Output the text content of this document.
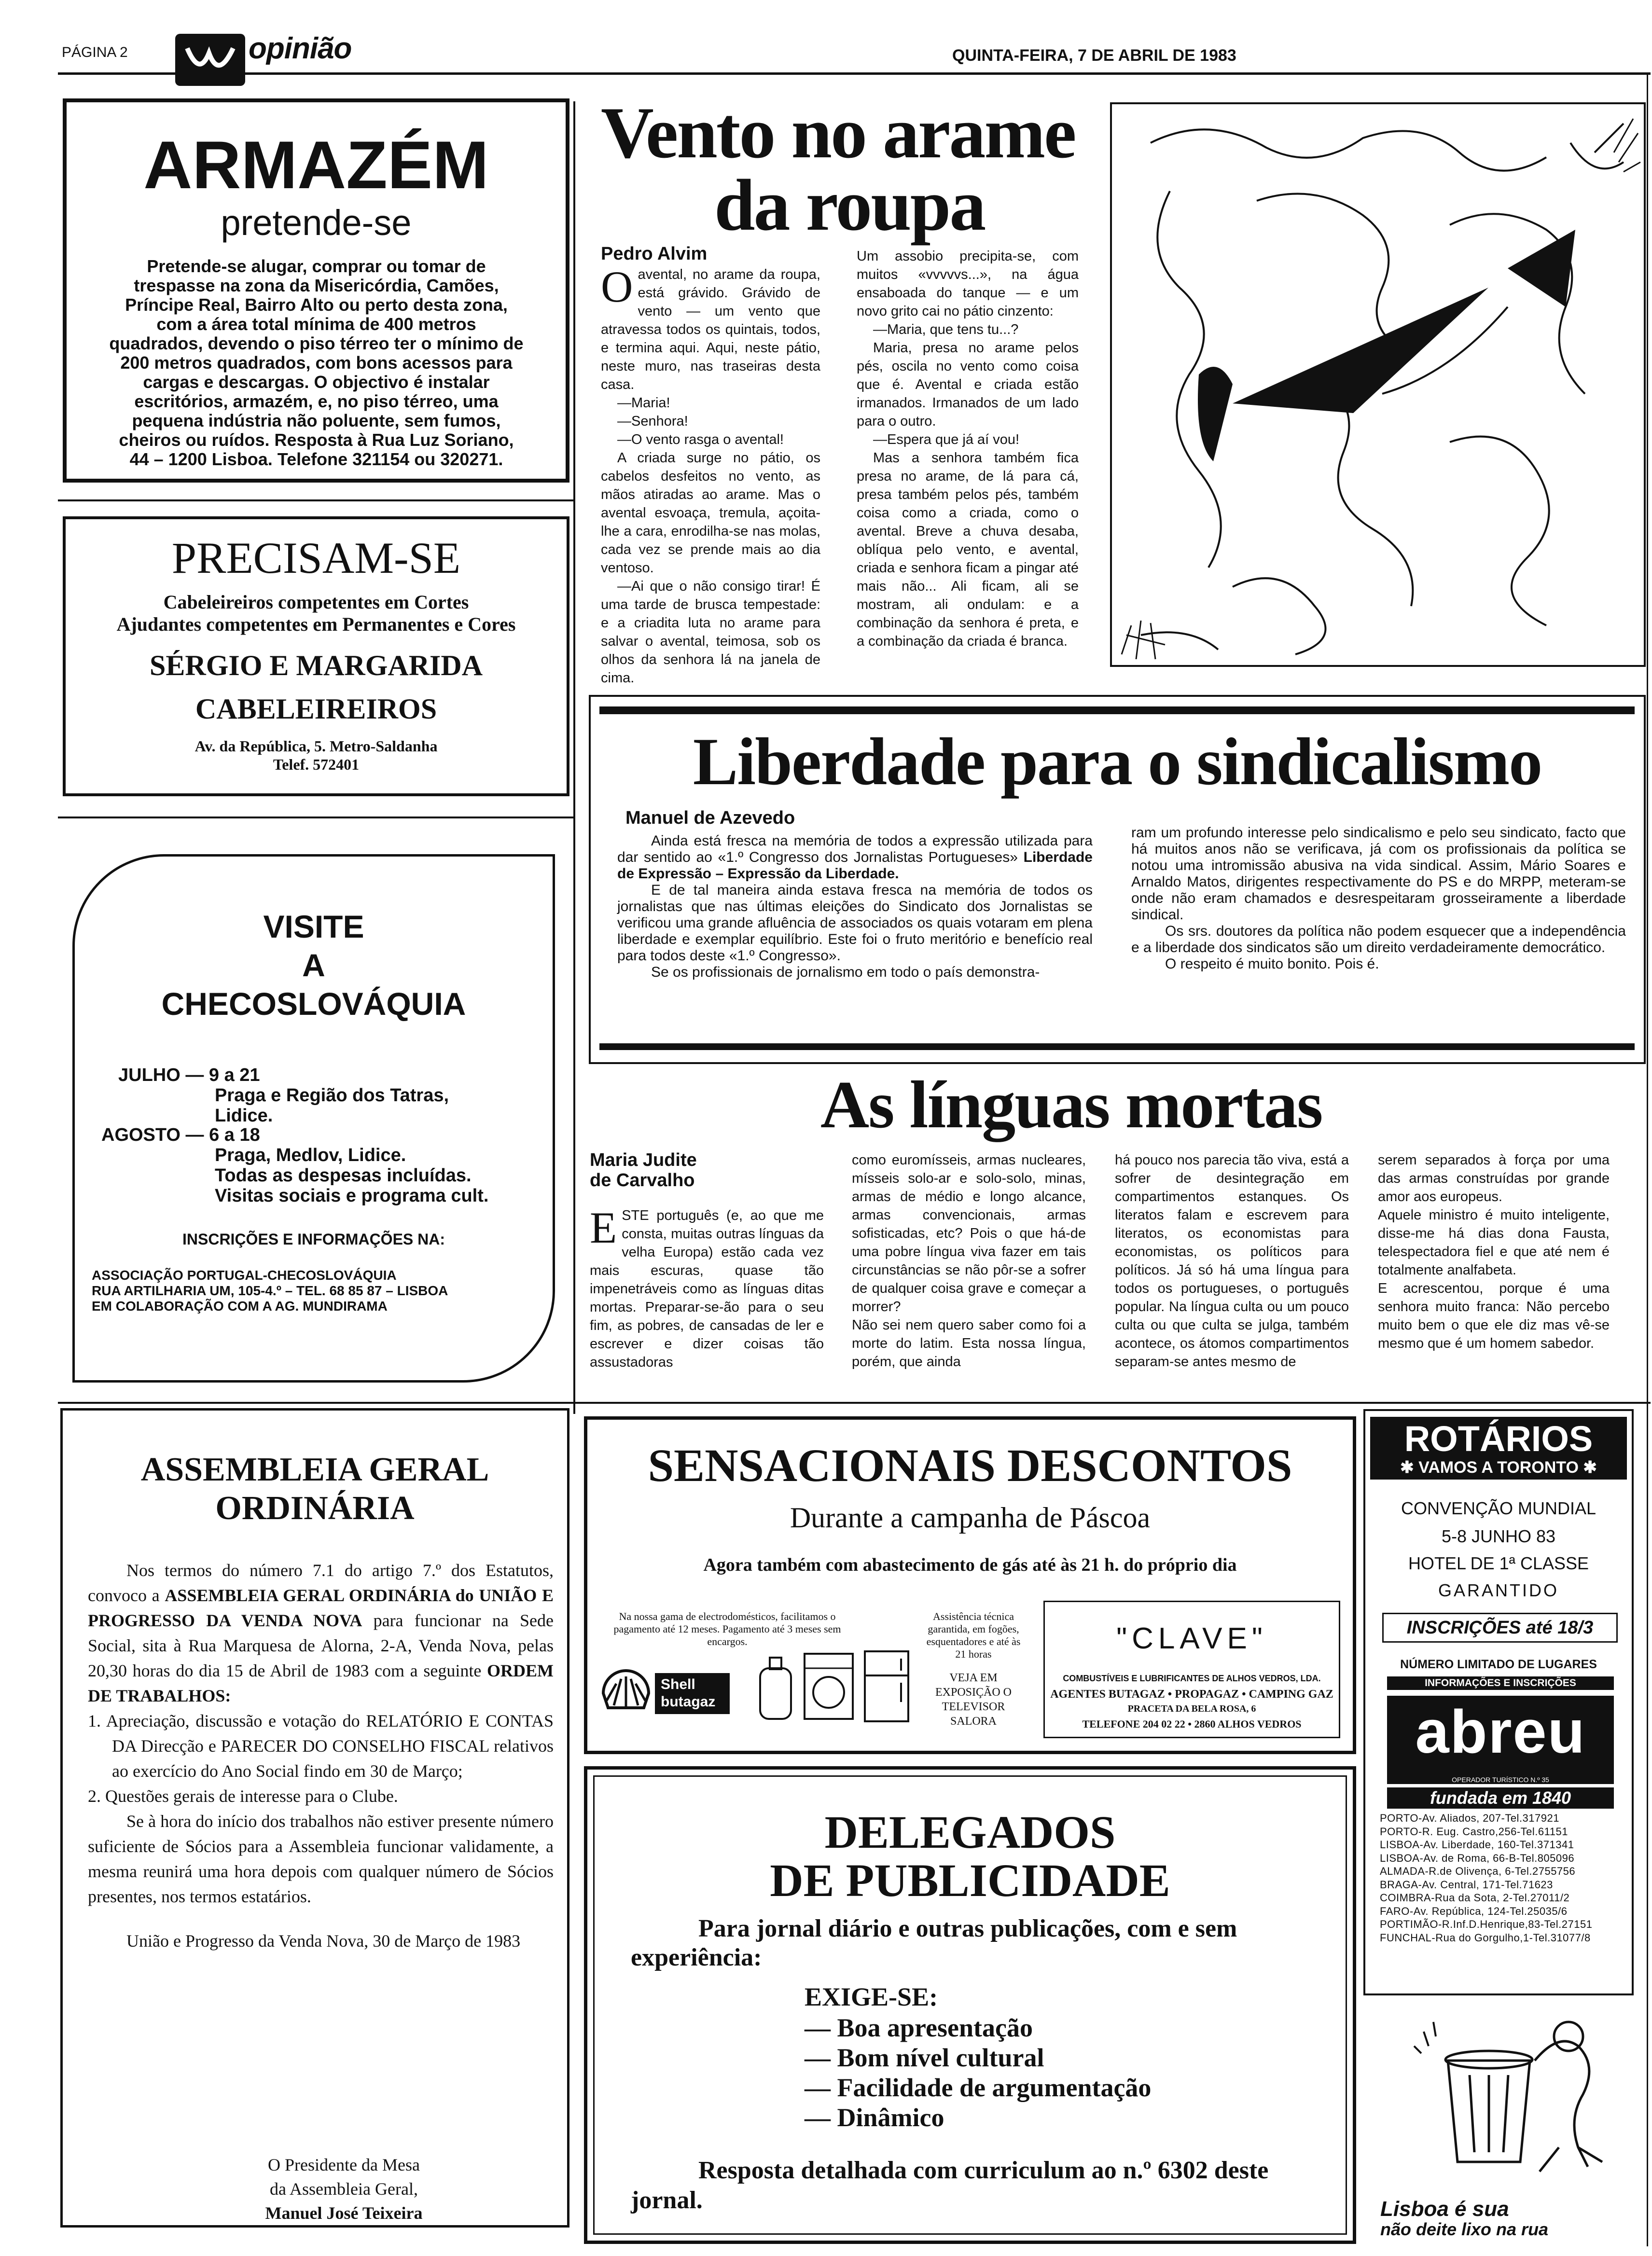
PÁGINA 2	opinião	QUINTA-FEIRA, 7 DE ABRIL DE 1983
ARMAZÉM
pretende-se
Pretende-se alugar, comprar ou tomar de trespasse na zona da Misericórdia, Camões, Príncipe Real, Bairro Alto ou perto desta zona, com a área total mínima de 400 metros quadrados, devendo o piso térreo ter o mínimo de 200 metros quadrados, com bons acessos para cargas e descargas. O objectivo é instalar escritórios, armazém, e, no piso térreo, uma pequena indústria não poluente, sem fumos, cheiros ou ruídos. Resposta à Rua Luz Soriano, 44 – 1200 Lisboa. Telefone 321154 ou 320271.
PRECISAM-SE
Cabeleireiros competentes em Cortes
Ajudantes competentes em Permanentes e Cores
SÉRGIO E MARGARIDA
CABELEIREIROS
Av. da República, 5. Metro-Saldanha
Telef. 572401
VISITE
A
CHECOSLOVÁQUIA
JULHO — 9 a 21
Praga e Região dos Tatras,
Lidice.
AGOSTO — 6 a 18
Praga, Medlov, Lidice.
Todas as despesas incluídas.
Visitas sociais e programa cult.
INSCRIÇÕES E INFORMAÇÕES NA:
ASSOCIAÇÃO PORTUGAL-CHECOSLOVÁQUIA
RUA ARTILHARIA UM, 105-4.º – TEL. 68 85 87 – LISBOA
EM COLABORAÇÃO COM A AG. MUNDIRAMA
ASSEMBLEIA GERAL
ORDINÁRIA

Nos termos do número 7.1 do artigo 7.º dos Estatutos, convoco a ASSEMBLEIA GERAL ORDINÁRIA do UNIÃO E PROGRESSO DA VENDA NOVA para funcionar na Sede Social, sita à Rua Marquesa de Alorna, 2-A, Venda Nova, pelas 20,30 horas do dia 15 de Abril de 1983 com a seguinte ORDEM DE TRABALHOS:

1. Apreciação, discussão e votação do RELATÓRIO E CONTAS DA Direcção e PARECER DO CONSELHO FISCAL relativos ao exercício do Ano Social findo em 30 de Março;

2. Questões gerais de interesse para o Clube.

Se à hora do início dos trabalhos não estiver presente número suficiente de Sócios para a Assembleia funcionar validamente, a mesma reunirá uma hora depois com qualquer número de Sócios presentes, nos termos estatários.

União e Progresso da Venda Nova, 30 de Março de 1983

O Presidente da Mesa
da Assembleia Geral,
Manuel José Teixeira
Vento no arame
da roupa
Pedro Alvim
O avental, no arame da roupa, está grávido. Grávido de vento — um vento que atravessa todos os quintais, todos, e termina aqui. Aqui, neste pátio, neste muro, nas traseiras desta casa.

—Maria!

—Senhora!

—O vento rasga o avental!

A criada surge no pátio, os cabelos desfeitos no vento, as mãos atiradas ao arame. Mas o avental esvoaça, tremula, açoita-lhe a cara, enrodilha-se nas molas, cada vez se prende mais ao dia ventoso.

—Ai que o não consigo tirar! É uma tarde de brusca tempestade: e a criadita luta no arame para salvar o avental, teimosa, sob os olhos da senhora lá na janela de cima.

Um assobio precipita-se, com muitos «vvvvvs...», na água ensaboada do tanque — e um novo grito cai no pátio cinzento:

—Maria, que tens tu...?

Maria, presa no arame pelos pés, oscila no vento como coisa que é. Avental e criada estão irmanados. Irmanados de um lado para o outro.

—Espera que já aí vou!

Mas a senhora também fica presa no arame, de lá para cá, presa também pelos pés, também coisa como a criada, como o avental. Breve a chuva desaba, oblíqua pelo vento, e avental, criada e senhora ficam a pingar até mais não... Ali ficam, ali se mostram, ali ondulam: e a combinação da senhora é preta, e a combinação da criada é branca.

Liberdade para o sindicalismo
Manuel de Azevedo

Ainda está fresca na memória de todos a expressão utilizada para dar sentido ao «1.º Congresso dos Jornalistas Portugueses» Liberdade de Expressão – Expressão da Liberdade.

E de tal maneira ainda estava fresca na memória de todos os jornalistas que nas últimas eleições do Sindicato dos Jornalistas se verificou uma grande afluência de associados os quais votaram em plena liberdade e exemplar equilíbrio. Este foi o fruto meritório e benefício real para todos deste «1.º Congresso».

Se os profissionais de jornalismo em todo o país demonstra-

ram um profundo interesse pelo sindicalismo e pelo seu sindicato, facto que há muitos anos não se verificava, já com os profissionais da política se notou uma intromissão abusiva na vida sindical. Assim, Mário Soares e Arnaldo Matos, dirigentes respectivamente do PS e do MRPP, meteram-se onde não eram chamados e desrespeitaram grosseiramente a liberdade sindical.

Os srs. doutores da política não podem esquecer que a independência e a liberdade dos sindicatos são um direito verdadeiramente democrático.

O respeito é muito bonito. Pois é.

As línguas mortas
Maria Judite
de Carvalho
E STE português (e, ao que me consta, muitas outras línguas da velha Europa) estão cada vez mais escuras, quase tão impenetráveis como as línguas ditas mortas. Preparar-se-ão para o seu fim, as pobres, de cansadas de ler e escrever e dizer coisas tão assustadoras

como euromísseis, armas nucleares, mísseis solo-ar e solo-solo, minas, armas de médio e longo alcance, armas convencionais, armas sofisticadas, etc? Pois o que há-de uma pobre língua viva fazer em tais circunstâncias se não pôr-se a sofrer de qualquer coisa grave e começar a morrer?
Não sei nem quero saber como foi a morte do latim. Esta nossa língua, porém, que ainda
há pouco nos parecia tão viva, está a sofrer de desintegração em compartimentos estanques. Os literatos falam e escrevem para literatos, os economistas para economistas, os políticos para políticos. Já só há uma língua para todos os portugueses, o português popular. Na língua culta ou um pouco culta ou que culta se julga, também acontece, os átomos compartimentos separam-se antes mesmo de
serem separados à força por uma das armas construídas por grande amor aos europeus.
Aquele ministro é muito inteligente, disse-me há dias dona Fausta, telespectadora fiel e que até nem é totalmente analfabeta.
E acrescentou, porque é uma senhora muito franca: Não percebo muito bem o que ele diz mas vê-se mesmo que é um homem sabedor.
SENSACIONAIS DESCONTOS
Durante a campanha de Páscoa
Agora também com abastecimento de gás até às 21 h. do próprio dia
Na nossa gama de electrodomésticos, facilitamos o pagamento até 12 meses. Pagamento até 3 meses sem encargos.
Assistência técnica garantida, em fogões, esquentadores e até às 21 horas
Shell
butagaz
VEJA EM EXPOSIÇÃO O TELEVISOR SALORA
"CLAVE"
COMBUSTÍVEIS E LUBRIFICANTES DE ALHOS VEDROS, LDA.
AGENTES BUTAGAZ • PROPAGAZ • CAMPING GAZ
PRACETA DA BELA ROSA, 6
TELEFONE 204 02 22 • 2860 ALHOS VEDROS
DELEGADOS
DE PUBLICIDADE
Para jornal diário e outras publicações, com e sem experiência:
EXIGE-SE:
— Boa apresentação
— Bom nível cultural
— Facilidade de argumentação
— Dinâmico
Resposta detalhada com curriculum ao n.º 6302 deste jornal.
ROTÁRIOS
✱ VAMOS A TORONTO ✱
CONVENÇÃO MUNDIAL
5-8 JUNHO 83
HOTEL DE 1ª CLASSE
GARANTIDO
INSCRIÇÕES até 18/3
NÚMERO LIMITADO DE LUGARES
INFORMAÇÕES E INSCRIÇÕES
abreu
OPERADOR TURÍSTICO N.º 35
fundada em 1840
PORTO-Av. Aliados, 207-Tel.317921
PORTO-R. Eug. Castro,256-Tel.61151
LISBOA-Av. Liberdade, 160-Tel.371341
LISBOA-Av. de Roma, 66-B-Tel.805096
ALMADA-R.de Olivença, 6-Tel.2755756
BRAGA-Av. Central, 171-Tel.71623
COIMBRA-Rua da Sota, 2-Tel.27011/2
FARO-Av. República, 124-Tel.25035/6
PORTIMÃO-R.Inf.D.Henrique,83-Tel.27151
FUNCHAL-Rua do Gorgulho,1-Tel.31077/8
Lisboa é sua
não deite lixo na rua
